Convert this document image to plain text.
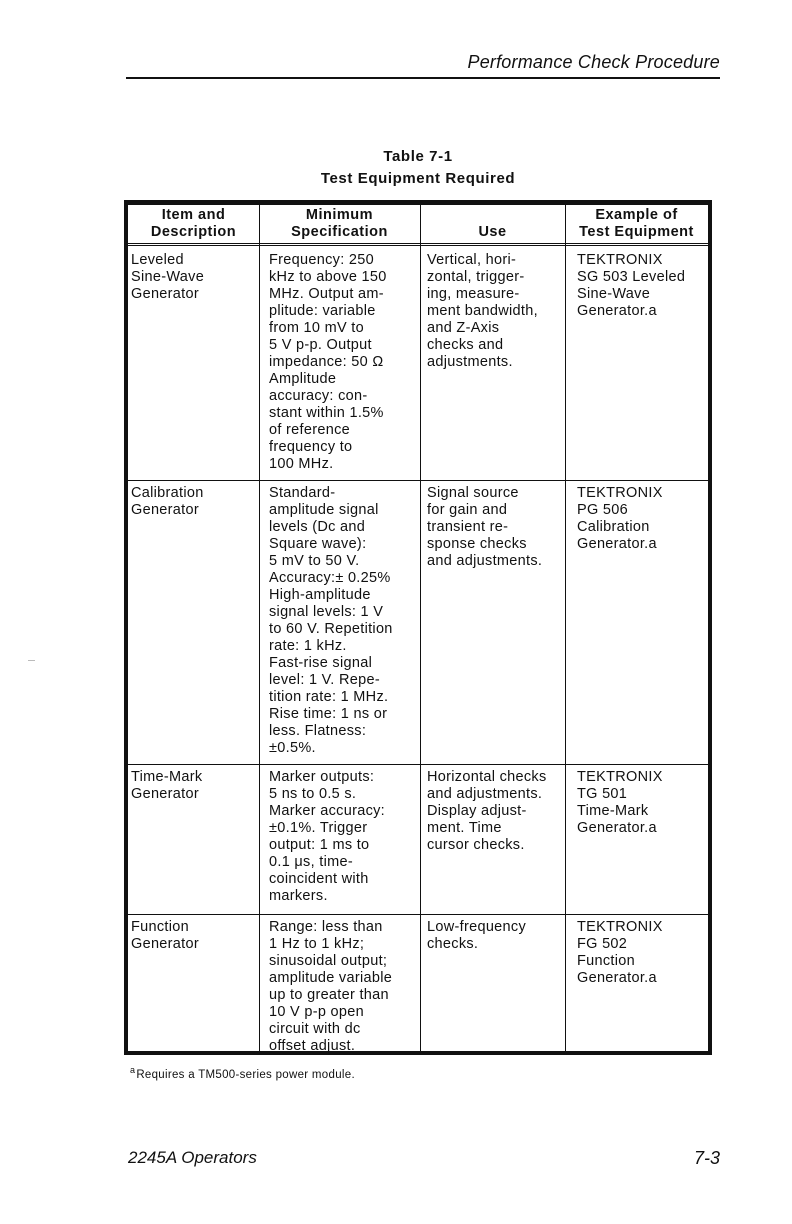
Performance Check Procedure
Table 7-1
Test Equipment Required
Item and
Description
Minimum
Specification	Use
Example of
Test Equipment
Leveled
Sine-Wave
Generator
Frequency: 250
kHz to above 150
MHz. Output am-
plitude: variable
from 10 mV to
5 V p-p. Output
impedance: 50 Ω
Amplitude
accuracy: con-
stant within 1.5%
of reference
frequency to
100 MHz.
Vertical, hori-
zontal, trigger-
ing, measure-
ment bandwidth,
and Z-Axis
checks and
adjustments.
TEKTRONIX
SG 503 Leveled
Sine-Wave
Generator.a
Calibration
Generator
Standard-
amplitude signal
levels (Dc and
Square wave):
5 mV to 50 V.
Accuracy:± 0.25%
High-amplitude
signal levels: 1 V
to 60 V. Repetition
rate: 1 kHz.
Fast-rise signal
level: 1 V. Repe-
tition rate: 1 MHz.
Rise time: 1 ns or
less. Flatness:
±0.5%.
Signal source
for gain and
transient re-
sponse checks
and adjustments.
TEKTRONIX
PG 506
Calibration
Generator.a
Time-Mark
Generator
Marker outputs:
5 ns to 0.5 s.
Marker accuracy:
±0.1%. Trigger
output: 1 ms to
0.1 μs, time-
coincident with
markers.
Horizontal checks
and adjustments.
Display adjust-
ment. Time
cursor checks.
TEKTRONIX
TG 501
Time-Mark
Generator.a
Function
Generator
Range: less than
1 Hz to 1 kHz;
sinusoidal output;
amplitude variable
up to greater than
10 V p-p open
circuit with dc
offset adjust.
Low-frequency
checks.
TEKTRONIX
FG 502
Function
Generator.a
$^a$Requires a TM500-series power module.
2245A Operators	7-3
